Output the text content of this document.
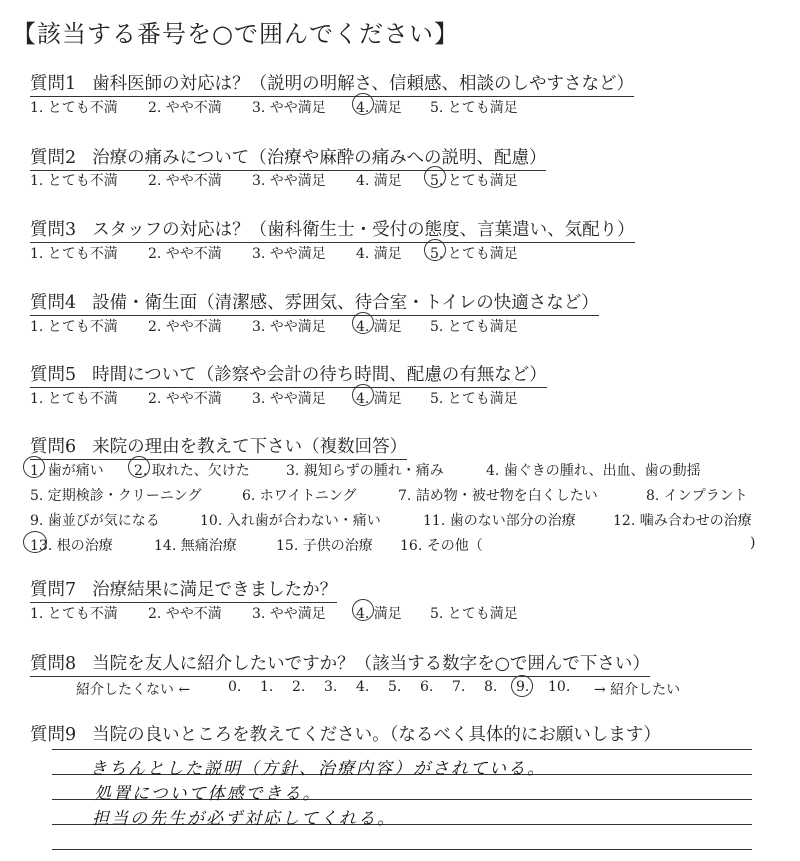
【該当する番号を○で囲んでください】
質問1 歯科医師の対応は？（説明の明解さ、信頼感、相談のしやすさなど）
1. とても不満 2. やや不満 3. やや満足 4. 満足 5. とても満足
質問2 治療の痛みについて（治療や麻酔の痛みへの説明、配慮）
1. とても不満 2. やや不満 3. やや満足 4. 満足 5. とても満足
質問3 スタッフの対応は？（歯科衛生士・受付の態度、言葉遣い、気配り）
1. とても不満 2. やや不満 3. やや満足 4. 満足 5. とても満足
質問4 設備・衛生面（清潔感、雰囲気、待合室・トイレの快適さなど）
1. とても不満 2. やや不満 3. やや満足 4. 満足 5. とても満足
質問5 時間について（診察や会計の待ち時間、配慮の有無など）
1. とても不満 2. やや不満 3. やや満足 4. 満足 5. とても満足
質問6 来院の理由を教えて下さい（複数回答）
1. 歯が痛い 2. 取れた、欠けた	3. 親知らずの腫れ・痛み	4. 歯ぐきの腫れ、出血、歯の動揺
5. 定期検診・クリーニング	6. ホワイトニング	7. 詰め物・被せ物を白くしたい	8. インプラント
9. 歯並びが気になる	10. 入れ歯が合わない・痛い	11. 歯のない部分の治療	12. 噛み合わせの治療
13. 根の治療	14. 無痛治療	15. 子供の治療 16. その他（	)
質問7 治療結果に満足できましたか？
1. とても不満 2. やや不満 3. やや満足 4. 満足 5. とても満足
質問8 当院を友人に紹介したいですか？（該当する数字を○で囲んで下さい）
紹介したくない ←	0. 1. 2. 3. 4. 5. 6. 7. 8. 9. 10. → 紹介したい
質問9 当院の良いところを教えてください。（なるべく具体的にお願いします）
きちんとした説明（方針、治療内容）がされている。
処置について体感できる。
担当の先生が必ず対応してくれる。
